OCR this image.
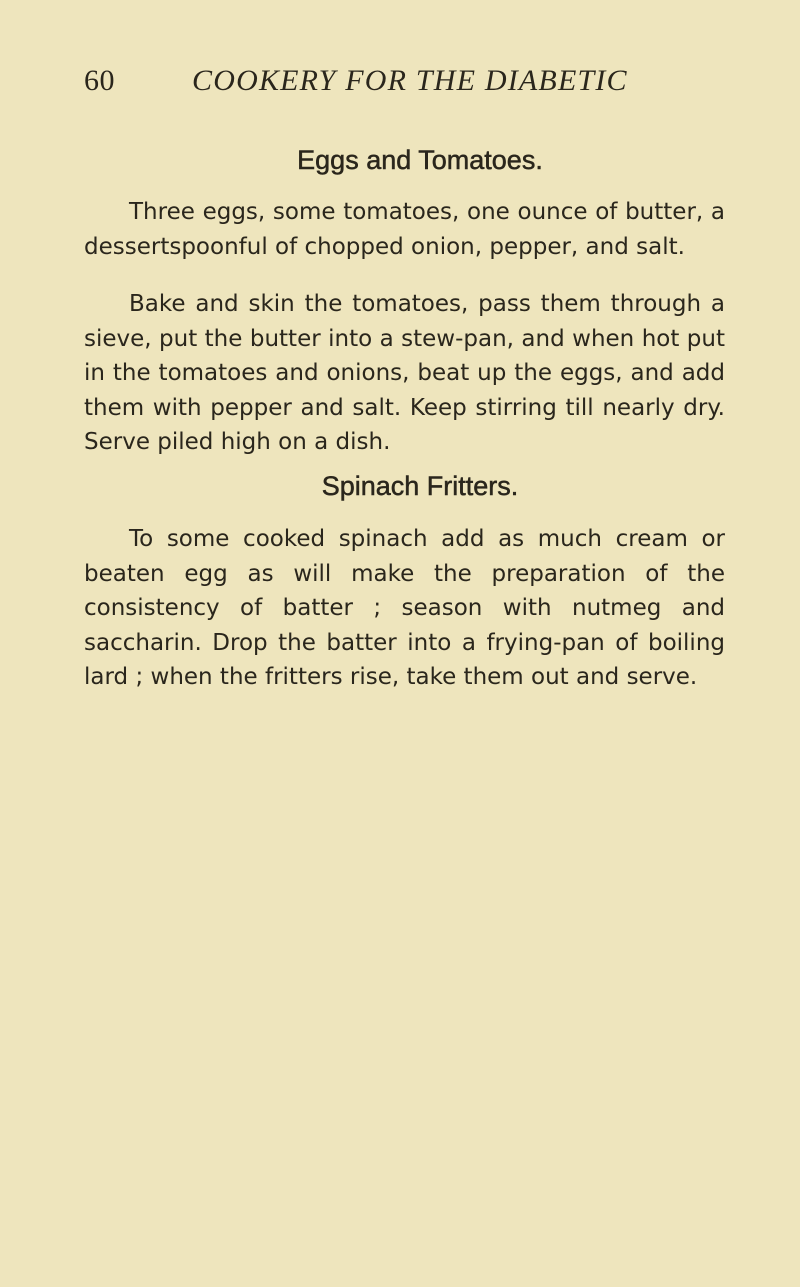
60	COOKERY FOR THE DIABETIC
Eggs and Tomatoes.

Three eggs, some tomatoes, one ounce of butter, a dessertspoonful of chopped onion, pepper, and salt.

Bake and skin the tomatoes, pass them through a sieve, put the butter into a stew-pan, and when hot put in the tomatoes and onions, beat up the eggs, and add them with pepper and salt. Keep stirring till nearly dry. Serve piled high on a dish.

Spinach Fritters.

To some cooked spinach add as much cream or beaten egg as will make the preparation of the consistency of batter ; season with nutmeg and saccharin. Drop the batter into a frying-pan of boiling lard ; when the fritters rise, take them out and serve.
